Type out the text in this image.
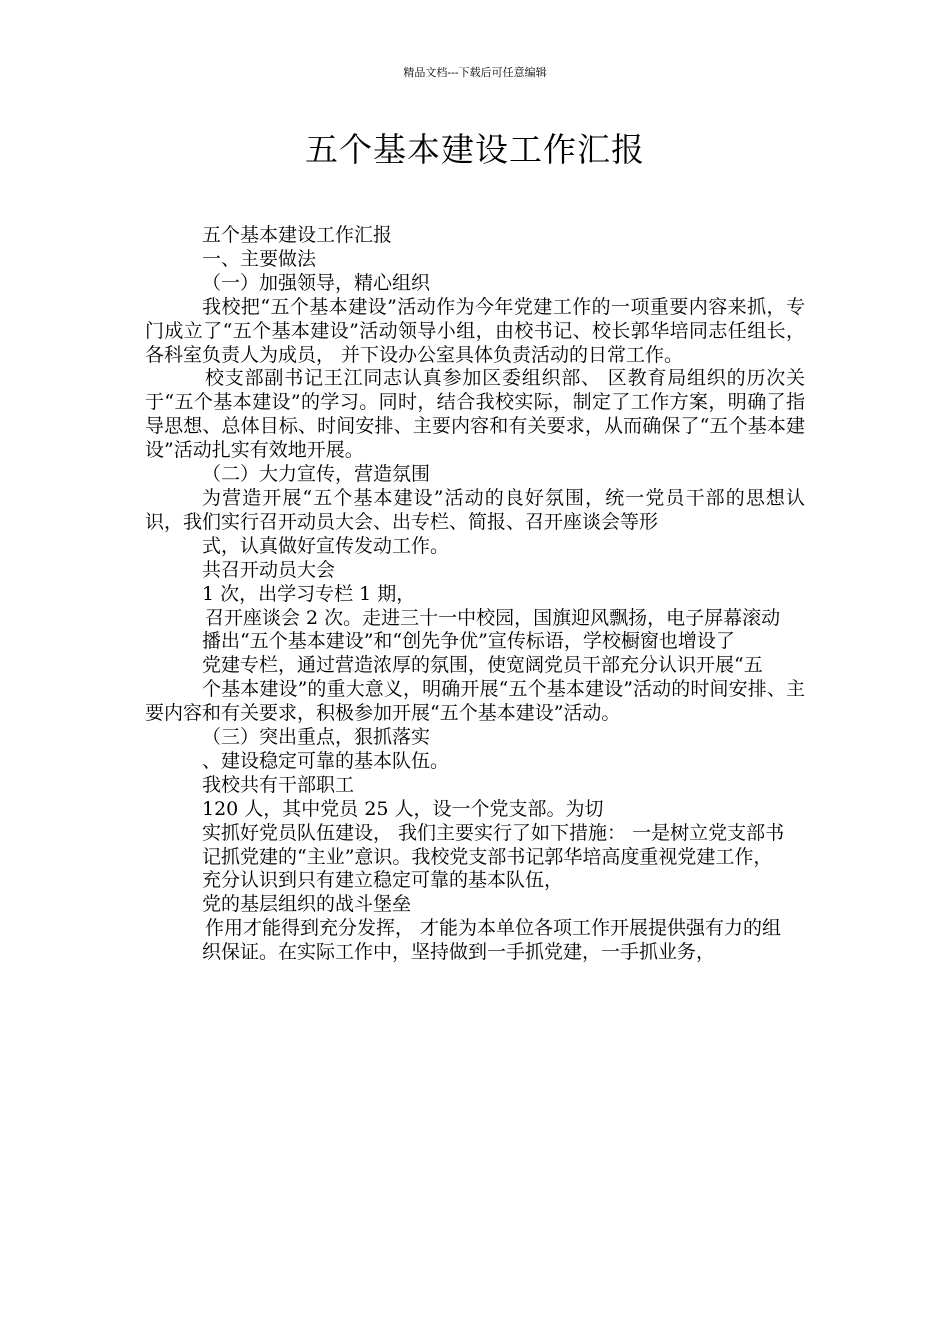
精品文档---下载后可任意编辑
五个基本建设工作汇报

五个基本建设工作汇报

一、主要做法

（一）加强领导，精心组织

我校把“五个基本建设”活动作为今年党建工作的一项重要内容来抓，专门成立了“五个基本建设”活动领导小组，由校书记、校长郭华培同志任组长， 各科室负责人为成员， 并下设办公室具体负责活动的日常工作。

校支部副书记王江同志认真参加区委组织部、 区教育局组织的历次关于“五个基本建设”的学习。同时，结合我校实际，制定了工作方案，明确了指导思想、总体目标、时间安排、主要内容和有关要求，从而确保了“五个基本建设”活动扎实有效地开展。

（二）大力宣传，营造氛围

为营造开展“五个基本建设”活动的良好氛围，统一党员干部的思想认识，我们实行召开动员大会、出专栏、简报、召开座谈会等形

式，认真做好宣传发动工作。

共召开动员大会

1 次，出学习专栏 1 期，

召开座谈会 2 次。走进三十一中校园，国旗迎风飘扬，电子屏幕滚动

播出“五个基本建设”和“创先争优”宣传标语，学校橱窗也增设了

党建专栏，通过营造浓厚的氛围，使宽阔党员干部充分认识开展“五

个基本建设”的重大意义，明确开展“五个基本建设”活动的时间安排、主要内容和有关要求，积极参加开展“五个基本建设”活动。

（三）突出重点，狠抓落实

、建设稳定可靠的基本队伍。

我校共有干部职工

120 人，其中党员 25 人，设一个党支部。为切

实抓好党员队伍建设， 我们主要实行了如下措施： 一是树立党支部书

记抓党建的“主业”意识。我校党支部书记郭华培高度重视党建工作，

充分认识到只有建立稳定可靠的基本队伍，

党的基层组织的战斗堡垒

作用才能得到充分发挥， 才能为本单位各项工作开展提供强有力的组

织保证。在实际工作中，坚持做到一手抓党建，一手抓业务，
